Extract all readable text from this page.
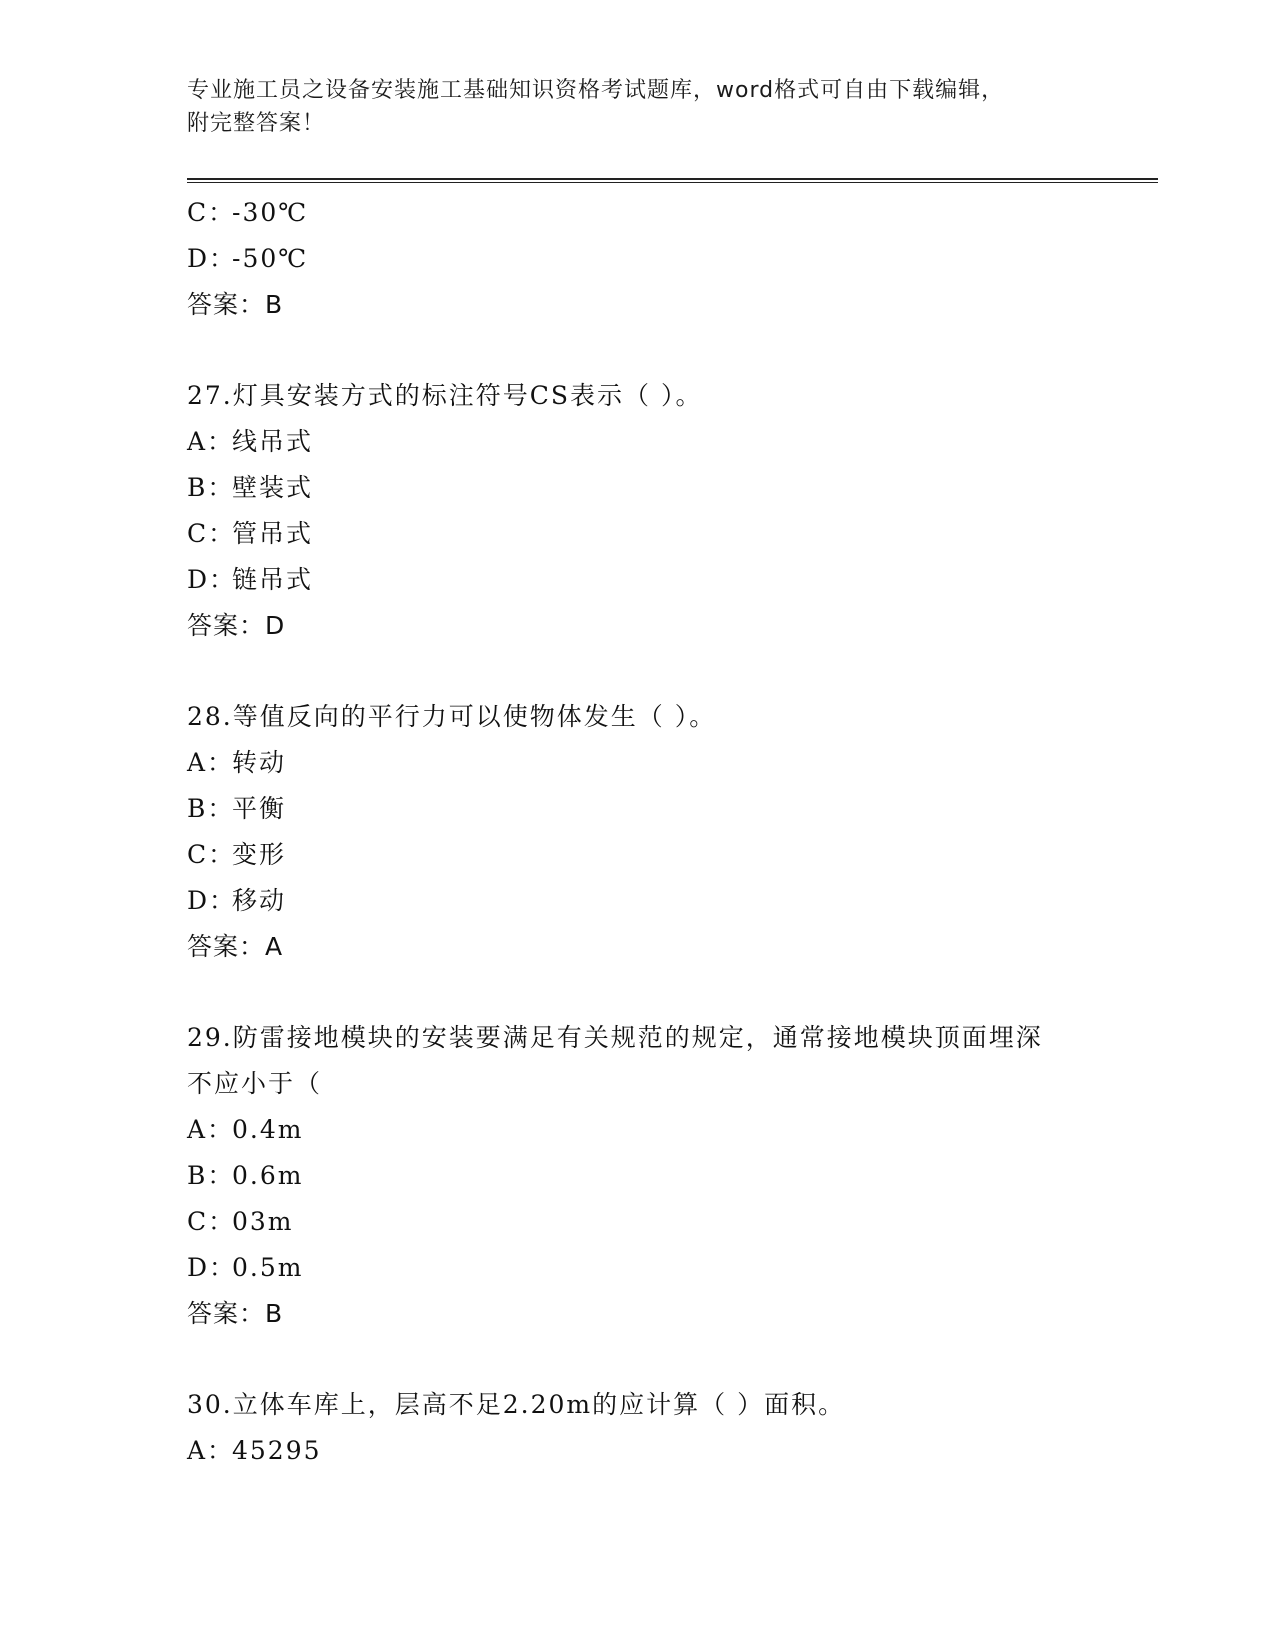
专业施工员之设备安装施工基础知识资格考试题库，word格式可自由下载编辑，
附完整答案！
C：-30℃
D：-50℃
答案：B
27.灯具安装方式的标注符号CS表示（ ）。
A：线吊式
B：壁装式
C：管吊式
D：链吊式
答案：D
28.等值反向的平行力可以使物体发生（ ）。
A：转动
B：平衡
C：变形
D：移动
答案：A
29.防雷接地模块的安装要满足有关规范的规定，通常接地模块顶面埋深不应小于（
A：0.4m
B：0.6m
C：03m
D：0.5m
答案：B
30.立体车库上，层高不足2.20m的应计算（ ）面积。
A：45295
